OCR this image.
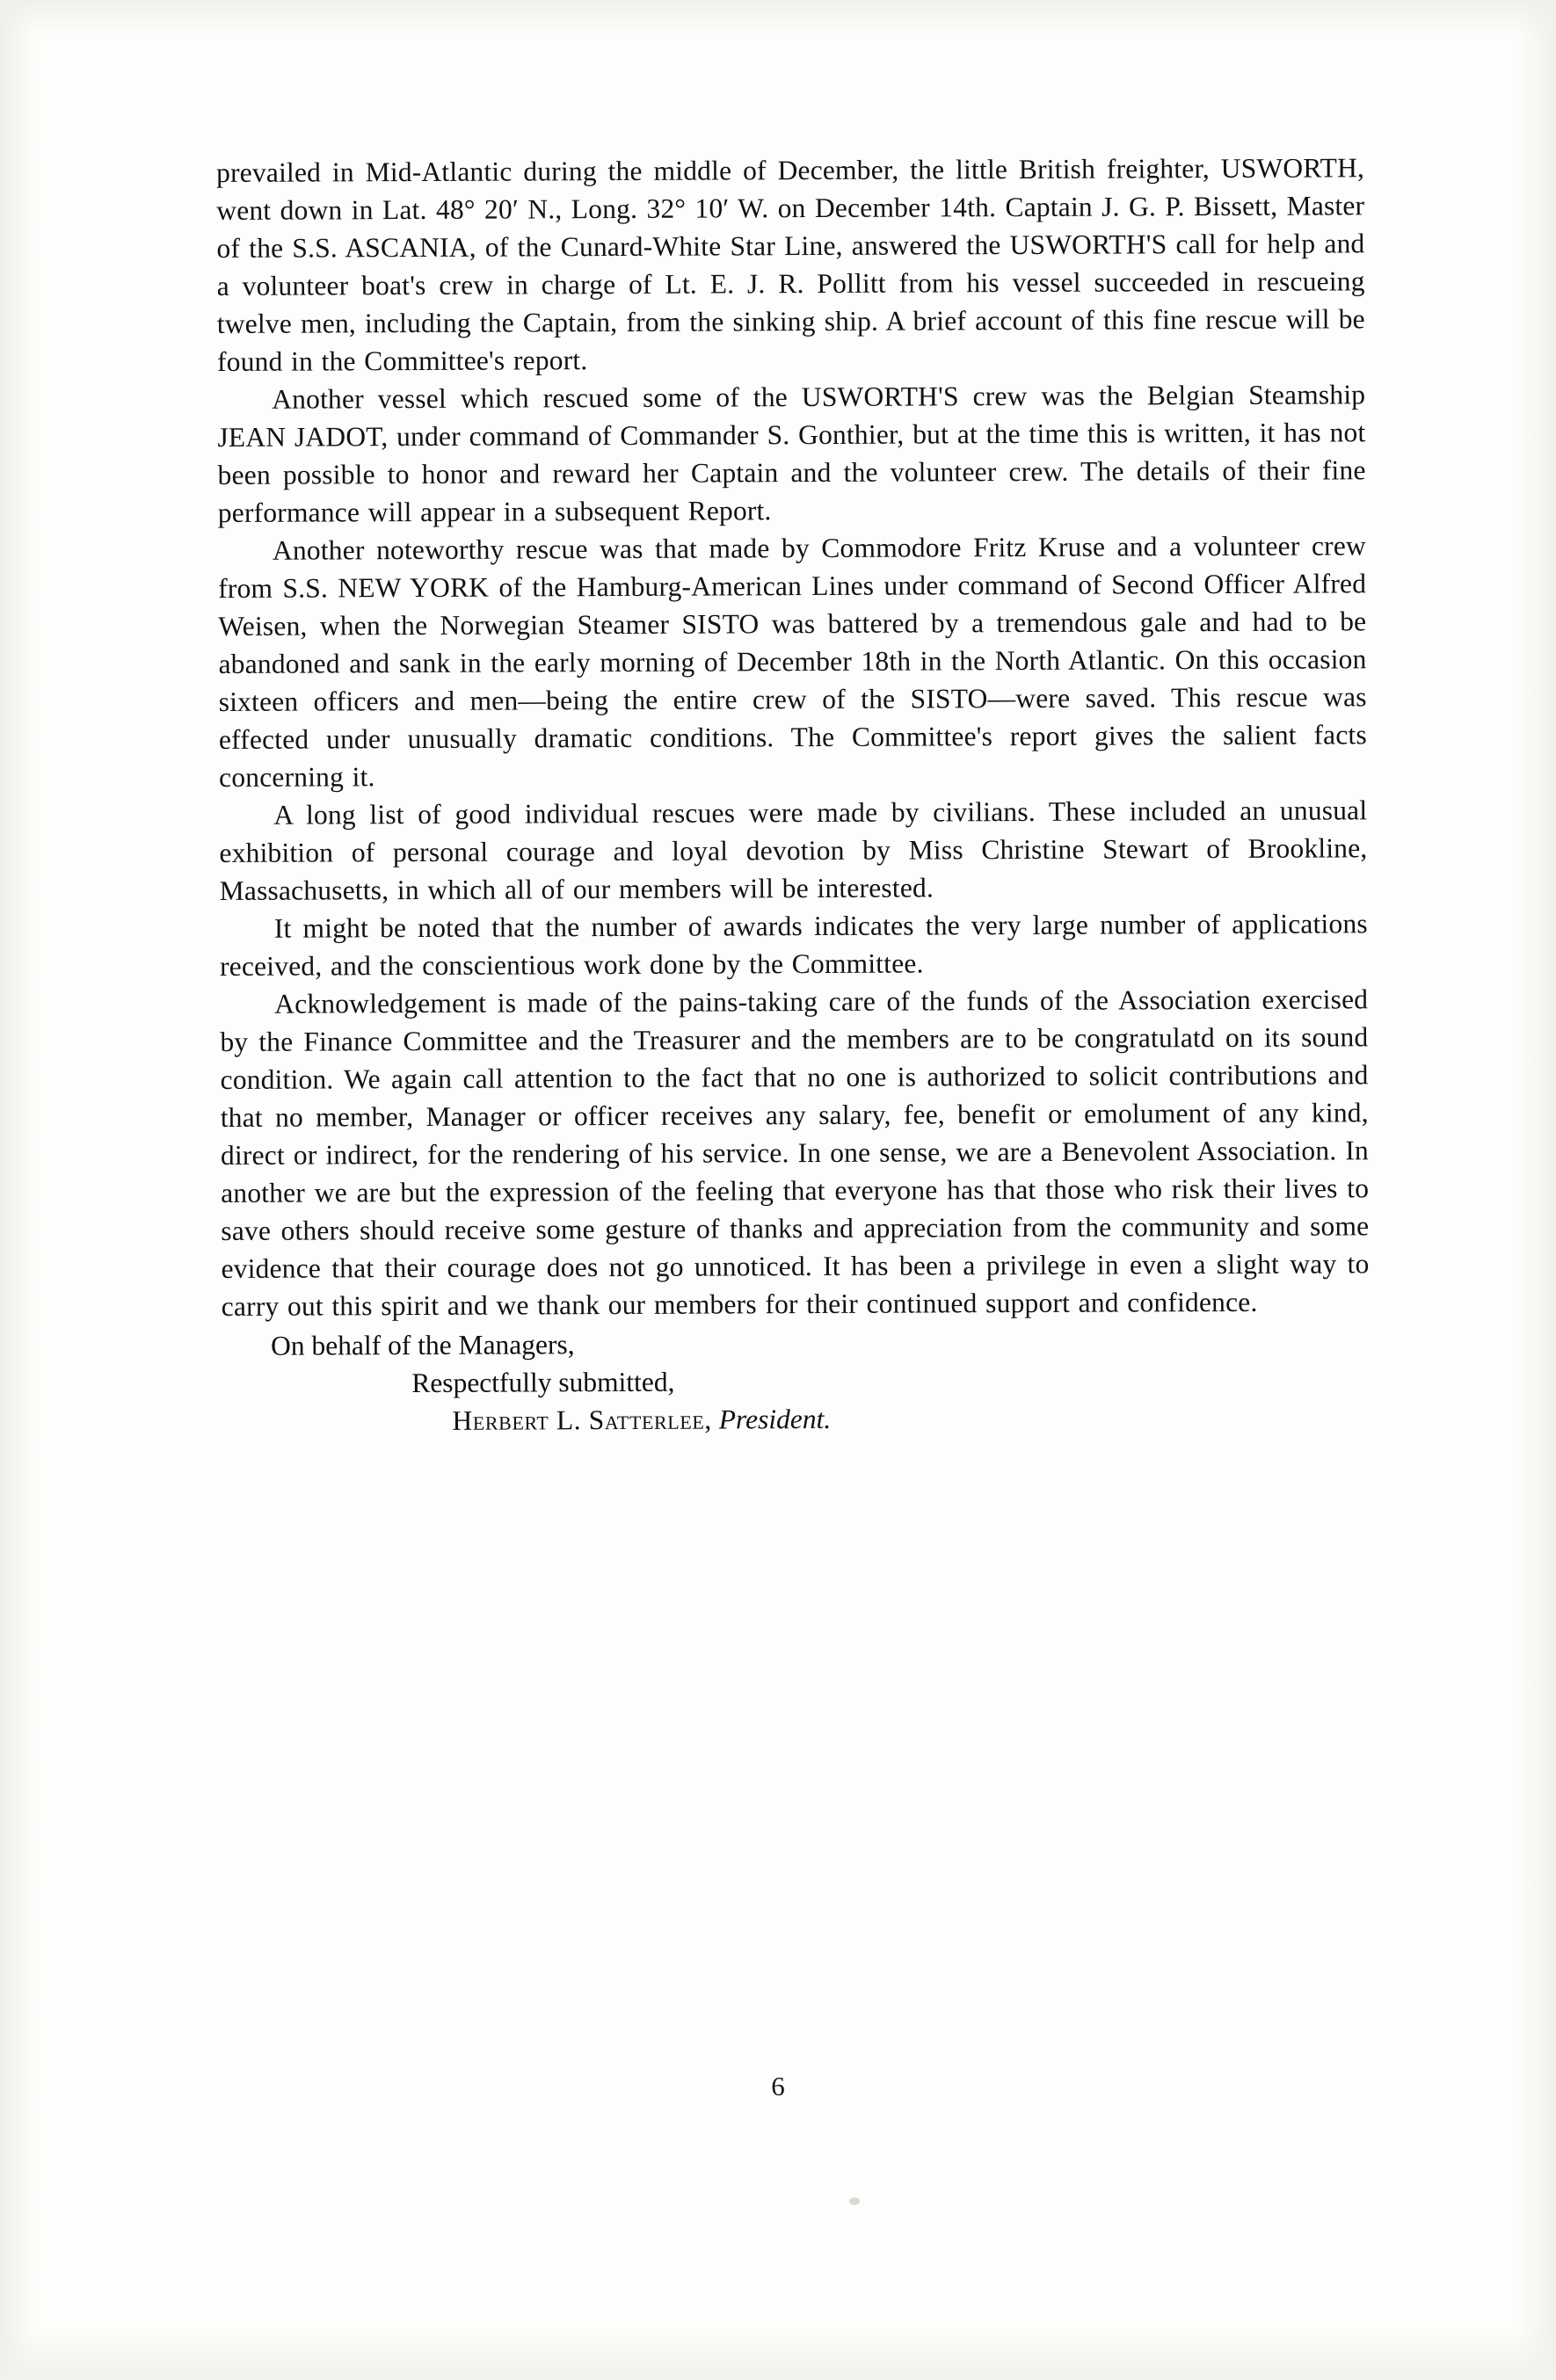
prevailed in Mid-Atlantic during the middle of December, the little British freighter, USWORTH, went down in Lat. 48° 20′ N., Long. 32° 10′ W. on December 14th. Captain J. G. P. Bissett, Master of the S.S. ASCANIA, of the Cunard-White Star Line, answered the USWORTH'S call for help and a volunteer boat's crew in charge of Lt. E. J. R. Pollitt from his vessel succeeded in rescueing twelve men, including the Captain, from the sinking ship. A brief account of this fine rescue will be found in the Committee's report.

Another vessel which rescued some of the USWORTH'S crew was the Belgian Steamship JEAN JADOT, under command of Commander S. Gonthier, but at the time this is written, it has not been possible to honor and reward her Captain and the volunteer crew. The details of their fine performance will appear in a subsequent Report.

Another noteworthy rescue was that made by Commodore Fritz Kruse and a volunteer crew from S.S. NEW YORK of the Hamburg-American Lines under command of Second Officer Alfred Weisen, when the Norwegian Steamer SISTO was battered by a tremendous gale and had to be abandoned and sank in the early morning of December 18th in the North Atlantic. On this occasion sixteen officers and men—being the entire crew of the SISTO—were saved. This rescue was effected under unusually dramatic conditions. The Committee's report gives the salient facts concerning it.

A long list of good individual rescues were made by civilians. These included an unusual exhibition of personal courage and loyal devotion by Miss Christine Stewart of Brookline, Massachusetts, in which all of our members will be interested.

It might be noted that the number of awards indicates the very large number of applications received, and the conscientious work done by the Committee.

Acknowledgement is made of the pains-taking care of the funds of the Association exercised by the Finance Committee and the Treasurer and the members are to be congratulatd on its sound condition. We again call attention to the fact that no one is authorized to solicit contributions and that no member, Manager or officer receives any salary, fee, benefit or emolument of any kind, direct or indirect, for the rendering of his service. In one sense, we are a Benevolent Association. In another we are but the expression of the feeling that everyone has that those who risk their lives to save others should receive some gesture of thanks and appreciation from the community and some evidence that their courage does not go unnoticed. It has been a privilege in even a slight way to carry out this spirit and we thank our members for their continued support and confidence.

On behalf of the Managers,
Respectfully submitted,
Herbert L. Satterlee, President.
6
